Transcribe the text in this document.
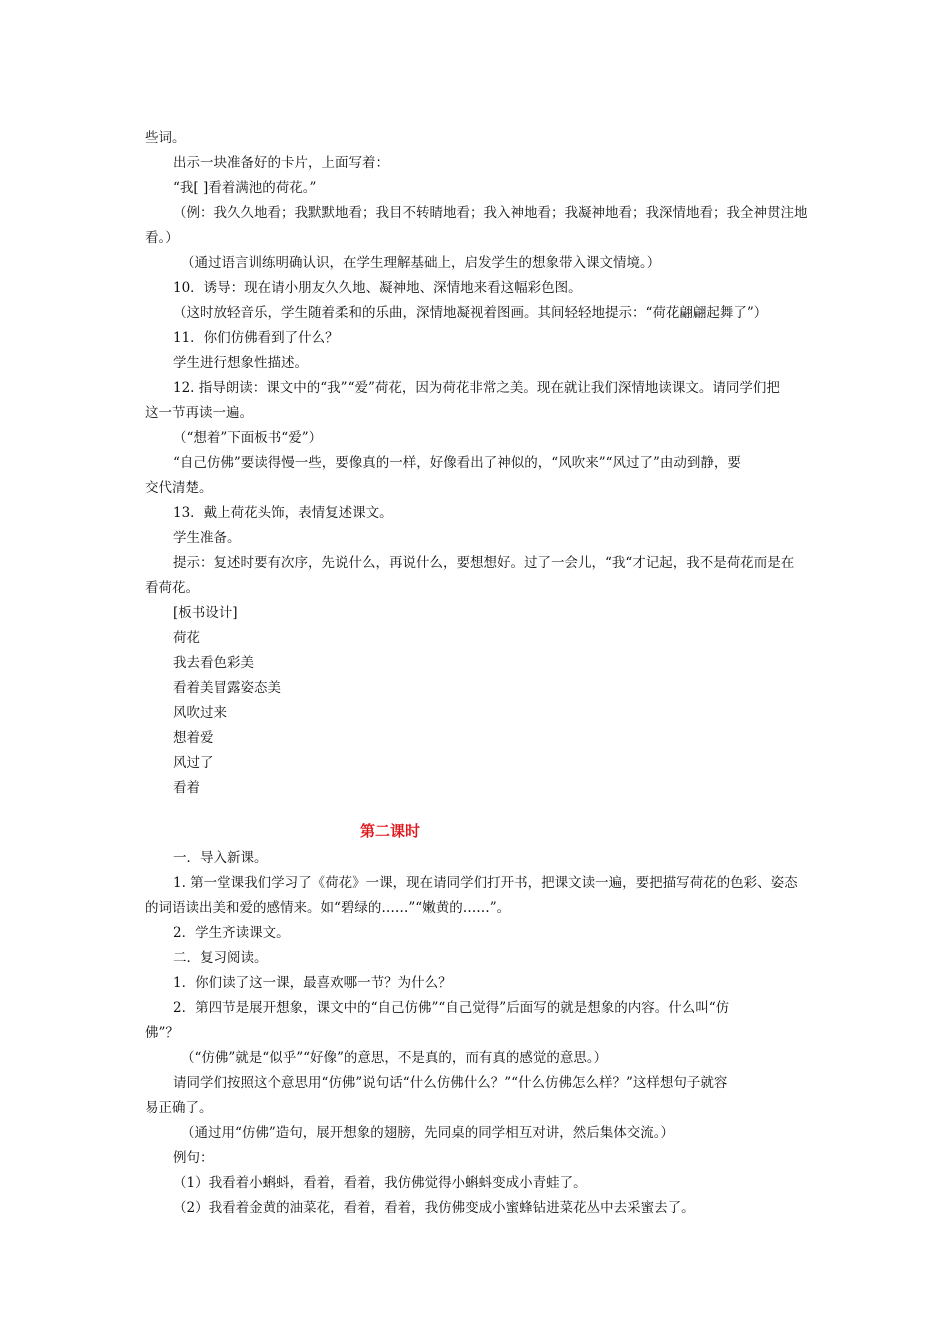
些词。
出示一块准备好的卡片，上面写着：
“我[ ]看着满池的荷花。”
（例：我久久地看；我默默地看；我目不转睛地看；我入神地看；我凝神地看；我深情地看；我全神贯注地
看。）
（通过语言训练明确认识，在学生理解基础上，启发学生的想象带入课文情境。）
10．诱导：现在请小朋友久久地、凝神地、深情地来看这幅彩色图。
（这时放轻音乐，学生随着柔和的乐曲，深情地凝视着图画。其间轻轻地提示：“荷花翩翩起舞了”）
11．你们仿佛看到了什么？
学生进行想象性描述。
12. 指导朗读：课文中的“我”“爱”荷花，因为荷花非常之美。现在就让我们深情地读课文。请同学们把
这一节再读一遍。
（“想着”下面板书“爱”）
“自己仿佛”要读得慢一些，要像真的一样，好像看出了神似的，“风吹来”“风过了”由动到静，要
交代清楚。
13．戴上荷花头饰，表情复述课文。
学生准备。
提示：复述时要有次序，先说什么，再说什么，要想想好。过了一会儿，“我“才记起，我不是荷花而是在
看荷花。
[板书设计]
荷花
我去看色彩美
看着美冒露姿态美
风吹过来
想着爱
风过了
看着
第二课时
一．导入新课。
1. 第一堂课我们学习了《荷花》一课，现在请同学们打开书，把课文读一遍，要把描写荷花的色彩、姿态
的词语读出美和爱的感情来。如“碧绿的……”“嫩黄的……”。
2．学生齐读课文。
二．复习阅读。
1．你们读了这一课，最喜欢哪一节？为什么？
2．第四节是展开想象，课文中的“自己仿佛”“自己觉得”后面写的就是想象的内容。什么叫“仿
佛”？
（“仿佛”就是“似乎”“好像”的意思，不是真的，而有真的感觉的意思。）
请同学们按照这个意思用“仿佛”说句话“什么仿佛什么？”“什么仿佛怎么样？”这样想句子就容
易正确了。
（通过用“仿佛”造句，展开想象的翅膀，先同桌的同学相互对讲，然后集体交流。）
例句：
（1）我看着小蝌蚪，看着，看着，我仿佛觉得小蝌蚪变成小青蛙了。
（2）我看着金黄的油菜花，看着，看着，我仿佛变成小蜜蜂钻进菜花丛中去采蜜去了。
